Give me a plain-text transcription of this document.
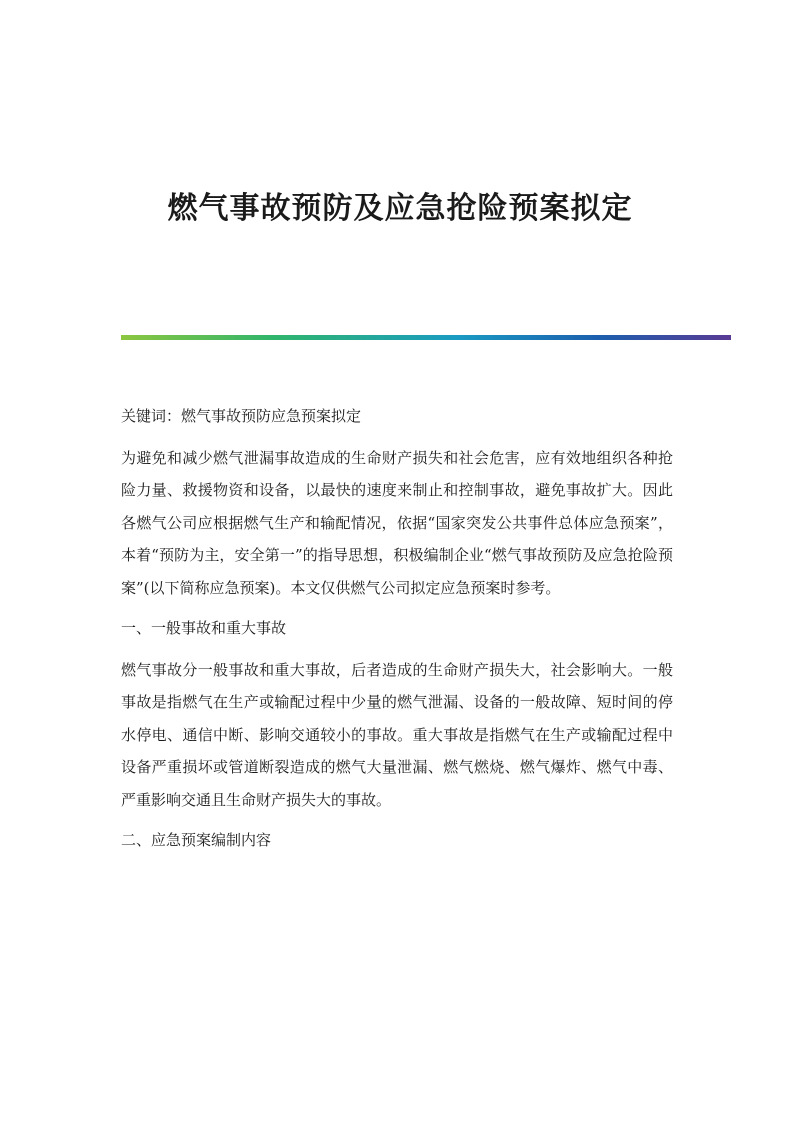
燃气事故预防及应急抢险预案拟定

关键词：燃气事故预防应急预案拟定

为避免和减少燃气泄漏事故造成的生命财产损失和社会危害，应有效地组织各种抢险力量、救援物资和设备，以最快的速度来制止和控制事故，避免事故扩大。因此各燃气公司应根据燃气生产和输配情况，依据“国家突发公共事件总体应急预案”，本着“预防为主，安全第一”的指导思想，积极编制企业“燃气事故预防及应急抢险预案”(以下简称应急预案)。本文仅供燃气公司拟定应急预案时参考。

一、一般事故和重大事故

燃气事故分一般事故和重大事故，后者造成的生命财产损失大，社会影响大。一般事故是指燃气在生产或输配过程中少量的燃气泄漏、设备的一般故障、短时间的停水停电、通信中断、影响交通较小的事故。重大事故是指燃气在生产或输配过程中设备严重损坏或管道断裂造成的燃气大量泄漏、燃气燃烧、燃气爆炸、燃气中毒、严重影响交通且生命财产损失大的事故。

二、应急预案编制内容
